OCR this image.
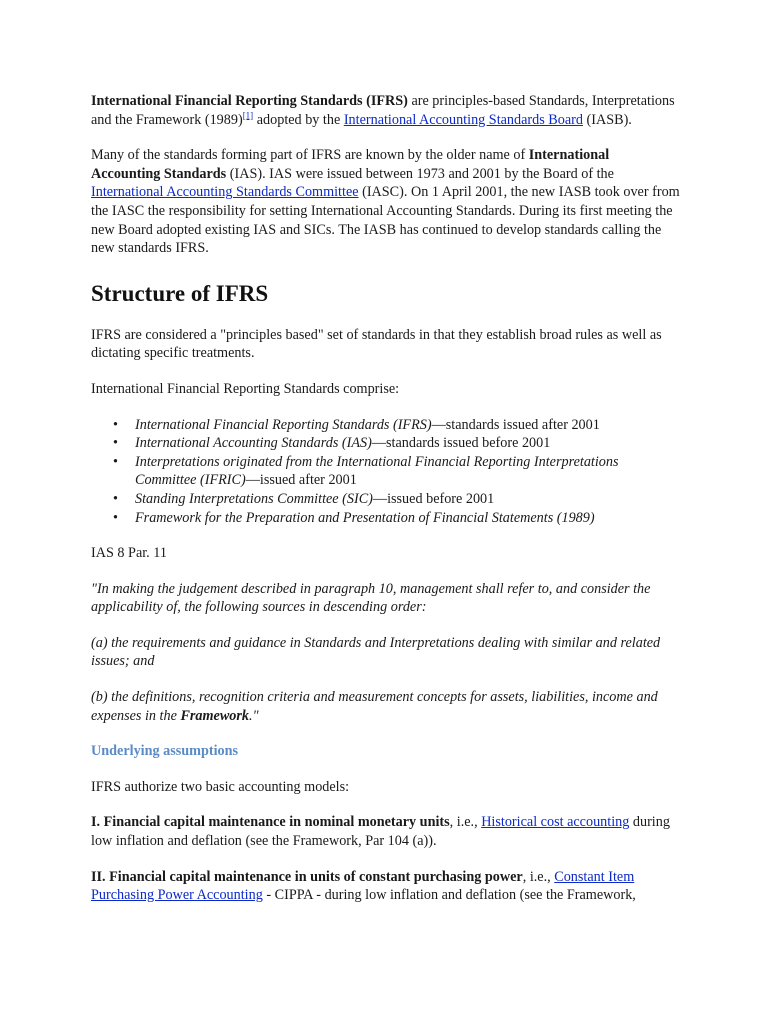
International Financial Reporting Standards (IFRS) are principles-based Standards, Interpretations and the Framework (1989)[1] adopted by the International Accounting Standards Board (IASB).

Many of the standards forming part of IFRS are known by the older name of International Accounting Standards (IAS). IAS were issued between 1973 and 2001 by the Board of the International Accounting Standards Committee (IASC). On 1 April 2001, the new IASB took over from the IASC the responsibility for setting International Accounting Standards. During its first meeting the new Board adopted existing IAS and SICs. The IASB has continued to develop standards calling the new standards IFRS.

Structure of IFRS

IFRS are considered a "principles based" set of standards in that they establish broad rules as well as dictating specific treatments.

International Financial Reporting Standards comprise:

• International Financial Reporting Standards (IFRS)—standards issued after 2001
• International Accounting Standards (IAS)—standards issued before 2001
• Interpretations originated from the International Financial Reporting Interpretations Committee (IFRIC)—issued after 2001
• Standing Interpretations Committee (SIC)—issued before 2001
• Framework for the Preparation and Presentation of Financial Statements (1989)

IAS 8 Par. 11

"In making the judgement described in paragraph 10, management shall refer to, and consider the applicability of, the following sources in descending order:

(a) the requirements and guidance in Standards and Interpretations dealing with similar and related issues; and

(b) the definitions, recognition criteria and measurement concepts for assets, liabilities, income and expenses in the Framework."

Underlying assumptions

IFRS authorize two basic accounting models:

I. Financial capital maintenance in nominal monetary units, i.e., Historical cost accounting during low inflation and deflation (see the Framework, Par 104 (a)).

II. Financial capital maintenance in units of constant purchasing power, i.e., Constant Item Purchasing Power Accounting - CIPPA - during low inflation and deflation (see the Framework,
